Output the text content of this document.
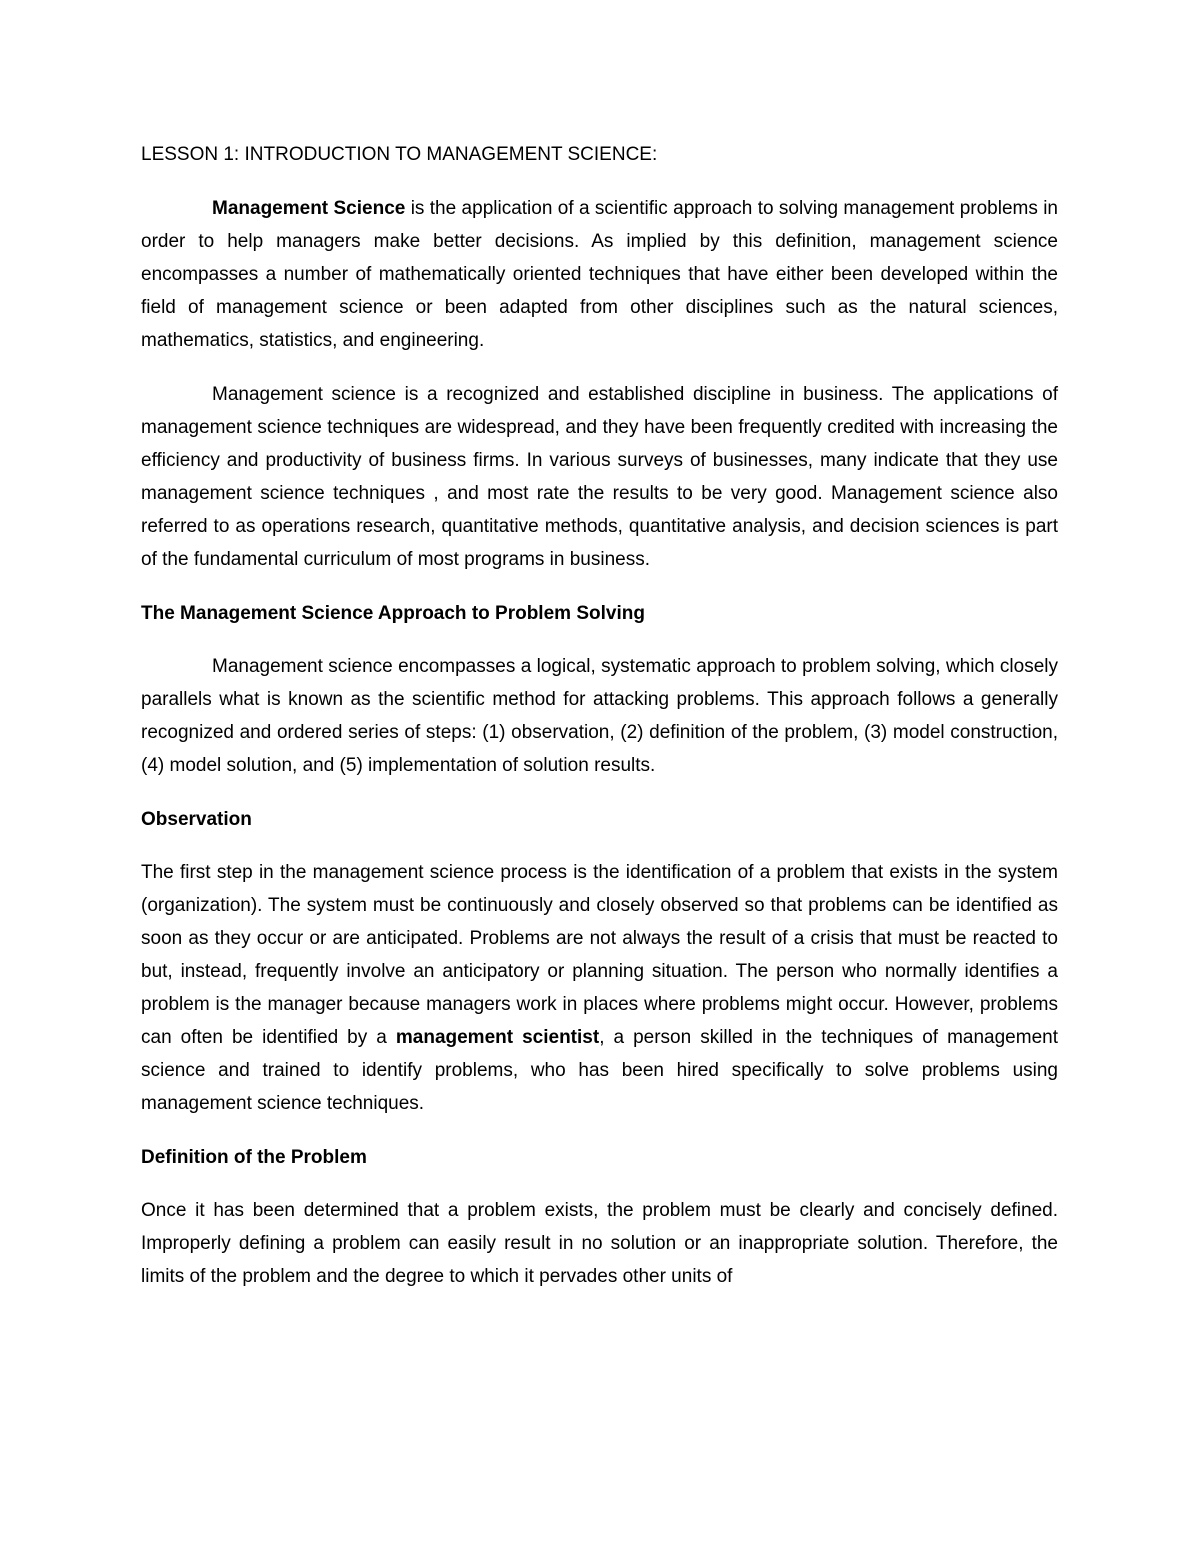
LESSON 1: INTRODUCTION TO MANAGEMENT SCIENCE:

Management Science is the application of a scientific approach to solving management problems in order to help managers make better decisions. As implied by this definition, management science encompasses a number of mathematically oriented techniques that have either been developed within the field of management science or been adapted from other disciplines such as the natural sciences, mathematics, statistics, and engineering.

Management science is a recognized and established discipline in business. The applications of management science techniques are widespread, and they have been frequently credited with increasing the efficiency and productivity of business firms. In various surveys of businesses, many indicate that they use management science techniques , and most rate the results to be very good. Management science also referred to as operations research, quantitative methods, quantitative analysis, and decision sciences is part of the fundamental curriculum of most programs in business.

The Management Science Approach to Problem Solving

Management science encompasses a logical, systematic approach to problem solving, which closely parallels what is known as the scientific method for attacking problems. This approach follows a generally recognized and ordered series of steps: (1) observation, (2) definition of the problem, (3) model construction, (4) model solution, and (5) implementation of solution results.

Observation

The first step in the management science process is the identification of a problem that exists in the system (organization). The system must be continuously and closely observed so that problems can be identified as soon as they occur or are anticipated. Problems are not always the result of a crisis that must be reacted to but, instead, frequently involve an anticipatory or planning situation. The person who normally identifies a problem is the manager because managers work in places where problems might occur. However, problems can often be identified by a management scientist, a person skilled in the techniques of management science and trained to identify problems, who has been hired specifically to solve problems using management science techniques.

Definition of the Problem

Once it has been determined that a problem exists, the problem must be clearly and concisely defined. Improperly defining a problem can easily result in no solution or an inappropriate solution. Therefore, the limits of the problem and the degree to which it pervades other units of
